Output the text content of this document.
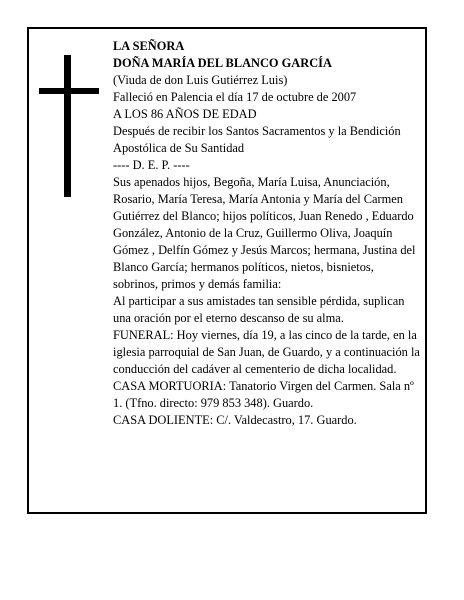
LA SEÑORA

DOÑA MARÍA DEL BLANCO GARCÍA

(Viuda de don Luis Gutiérrez Luis)

Falleció en Palencia el día 17 de octubre de 2007

A LOS 86 AÑOS DE EDAD

Después de recibir los Santos Sacramentos y la Bendición Apostólica de Su Santidad

---- D. E. P. ----

Sus apenados hijos, Begoña, María Luisa, Anunciación, Rosario, María Teresa, María Antonia y María del Carmen Gutiérrez del Blanco; hijos políticos, Juan Renedo , Eduardo González, Antonio de la Cruz, Guillermo Oliva, Joaquín Gómez , Delfín Gómez y Jesús Marcos; hermana, Justina del Blanco García; hermanos políticos, nietos, bisnietos, sobrinos, primos y demás familia:

Al participar a sus amistades tan sensible pérdida, suplican una oración por el eterno descanso de su alma.

FUNERAL: Hoy viernes, día 19, a las cinco de la tarde, en la iglesia parroquial de San Juan, de Guardo, y a continuación la conducción del cadáver al cementerio de dicha localidad.

CASA MORTUORIA: Tanatorio Virgen del Carmen. Sala nº 1. (Tfno. directo: 979 853 348). Guardo.

CASA DOLIENTE: C/. Valdecastro, 17. Guardo.
